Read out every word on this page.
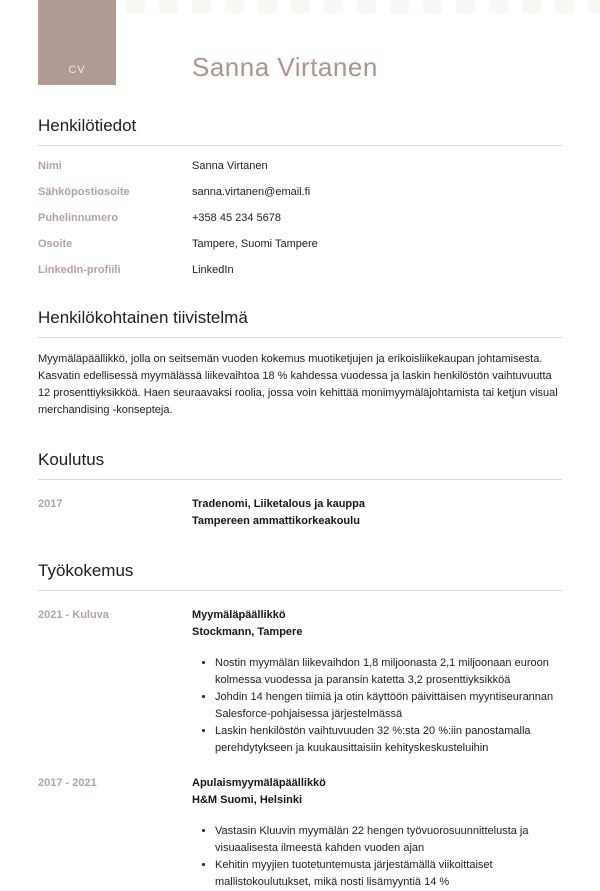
CV	Sanna Virtanen
Henkilötiedot
Nimi	Sanna Virtanen
Sähköpostiosoite	sanna.virtanen@email.fi
Puhelinnumero	+358 45 234 5678
Osoite	Tampere, Suomi Tampere
LinkedIn-profiili	LinkedIn
Henkilökohtainen tiivistelmä

Myymäläpäällikkö, jolla on seitsemän vuoden kokemus muotiketjujen ja erikoisliikekaupan johtamisesta. Kasvatin edellisessä myymälässä liikevaihtoa 18 % kahdessa vuodessa ja laskin henkilöstön vaihtuvuutta 12 prosenttiyksikköä. Haen seuraavaksi roolia, jossa voin kehittää monimyymäläjohtamista tai ketjun visual merchandising -konsepteja.

Koulutus
2017	Tradenomi, Liiketalous ja kauppa
Tampereen ammattikorkeakoulu
Työkokemus
2021 - Kuluva	Myymäläpäällikkö
Stockmann, Tampere
• Nostin myymälän liikevaihdon 1,8 miljoonasta 2,1 miljoonaan euroon kolmessa vuodessa ja paransin katetta 3,2 prosenttiyksikköä
• Johdin 14 hengen tiimiä ja otin käyttöön päivittäisen myyntiseurannan Salesforce-pohjaisessa järjestelmässä
• Laskin henkilöstön vaihtuvuuden 32 %:sta 20 %:iin panostamalla perehdytykseen ja kuukausittaisiin kehityskeskusteluihin
2017 - 2021	Apulaismyymäläpäällikkö
H&M Suomi, Helsinki
• Vastasin Kluuvin myymälän 22 hengen työvuorosuunnittelusta ja visuaalisesta ilmeestä kahden vuoden ajan
• Kehitin myyjien tuotetuntemusta järjestämällä viikoittaiset mallistokoulutukset, mikä nosti lisämyyntiä 14 %
